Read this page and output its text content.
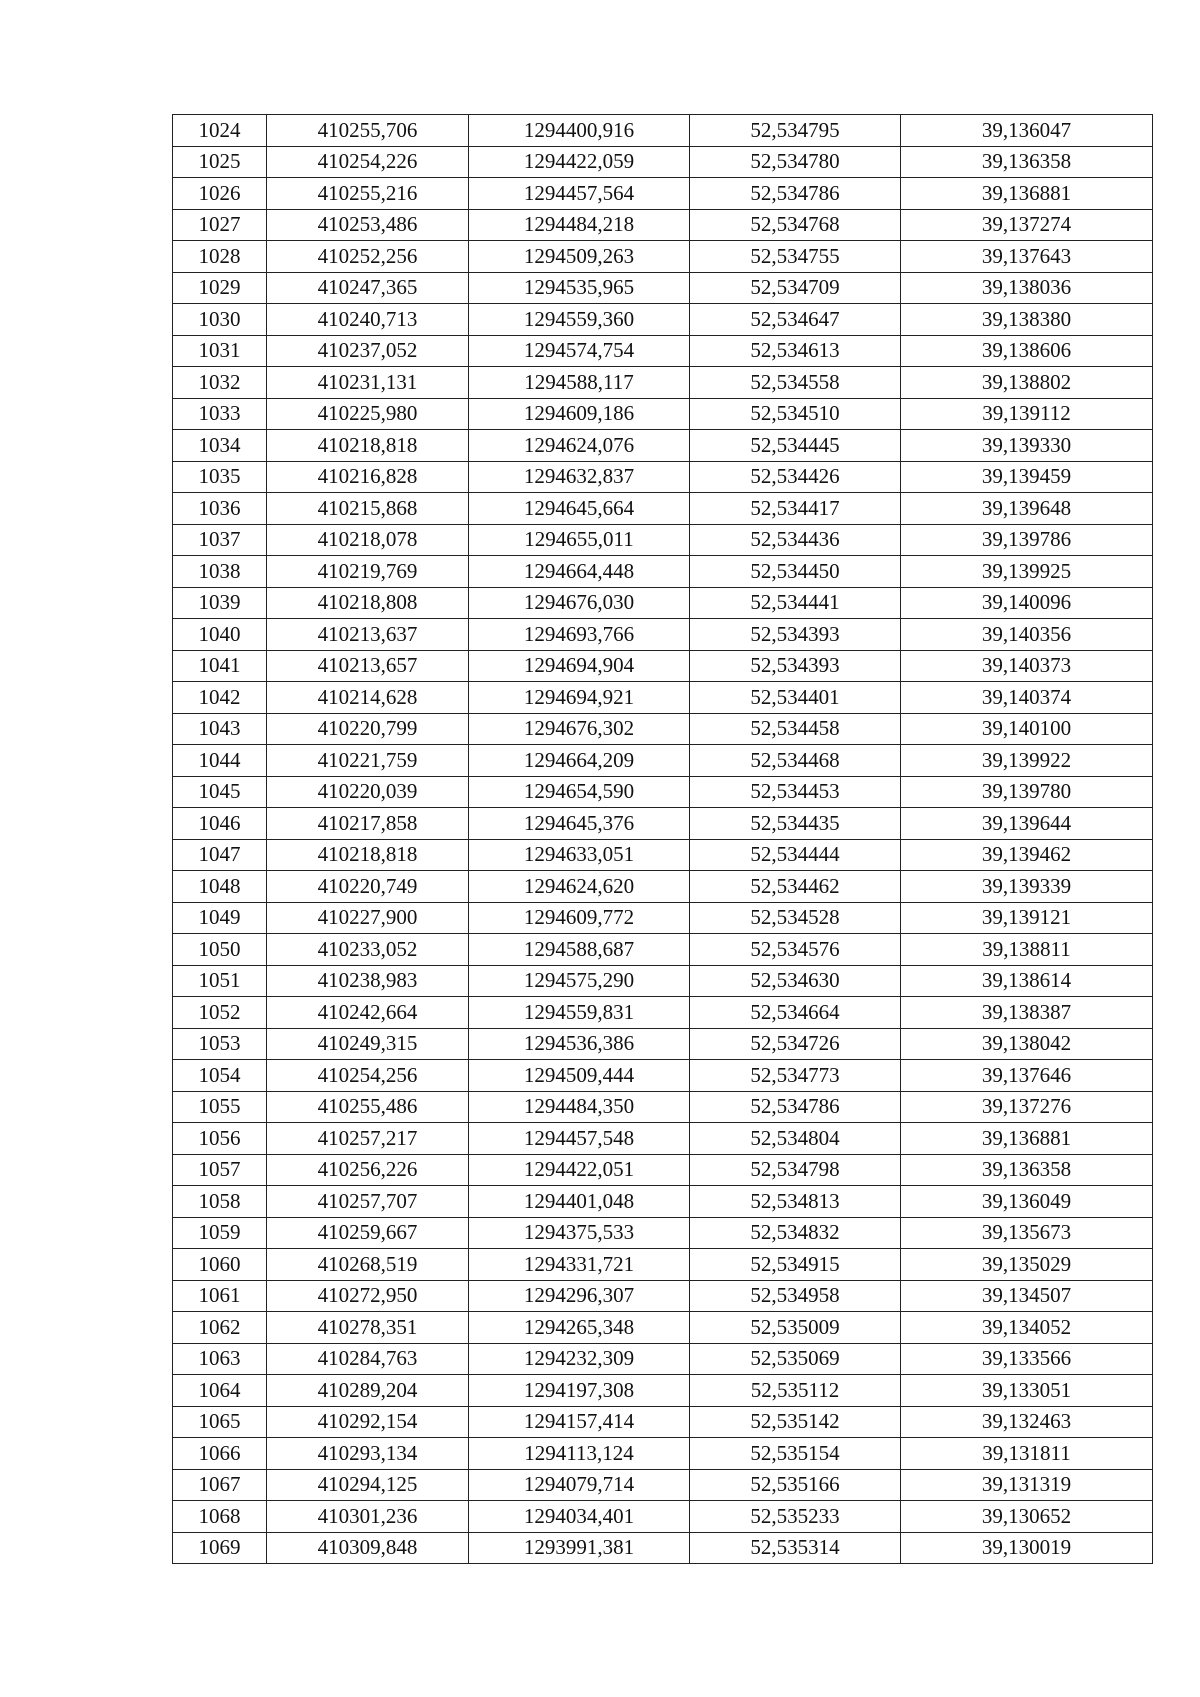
1024	410255,706	1294400,916	52,534795	39,136047
1025	410254,226	1294422,059	52,534780	39,136358
1026	410255,216	1294457,564	52,534786	39,136881
1027	410253,486	1294484,218	52,534768	39,137274
1028	410252,256	1294509,263	52,534755	39,137643
1029	410247,365	1294535,965	52,534709	39,138036
1030	410240,713	1294559,360	52,534647	39,138380
1031	410237,052	1294574,754	52,534613	39,138606
1032	410231,131	1294588,117	52,534558	39,138802
1033	410225,980	1294609,186	52,534510	39,139112
1034	410218,818	1294624,076	52,534445	39,139330
1035	410216,828	1294632,837	52,534426	39,139459
1036	410215,868	1294645,664	52,534417	39,139648
1037	410218,078	1294655,011	52,534436	39,139786
1038	410219,769	1294664,448	52,534450	39,139925
1039	410218,808	1294676,030	52,534441	39,140096
1040	410213,637	1294693,766	52,534393	39,140356
1041	410213,657	1294694,904	52,534393	39,140373
1042	410214,628	1294694,921	52,534401	39,140374
1043	410220,799	1294676,302	52,534458	39,140100
1044	410221,759	1294664,209	52,534468	39,139922
1045	410220,039	1294654,590	52,534453	39,139780
1046	410217,858	1294645,376	52,534435	39,139644
1047	410218,818	1294633,051	52,534444	39,139462
1048	410220,749	1294624,620	52,534462	39,139339
1049	410227,900	1294609,772	52,534528	39,139121
1050	410233,052	1294588,687	52,534576	39,138811
1051	410238,983	1294575,290	52,534630	39,138614
1052	410242,664	1294559,831	52,534664	39,138387
1053	410249,315	1294536,386	52,534726	39,138042
1054	410254,256	1294509,444	52,534773	39,137646
1055	410255,486	1294484,350	52,534786	39,137276
1056	410257,217	1294457,548	52,534804	39,136881
1057	410256,226	1294422,051	52,534798	39,136358
1058	410257,707	1294401,048	52,534813	39,136049
1059	410259,667	1294375,533	52,534832	39,135673
1060	410268,519	1294331,721	52,534915	39,135029
1061	410272,950	1294296,307	52,534958	39,134507
1062	410278,351	1294265,348	52,535009	39,134052
1063	410284,763	1294232,309	52,535069	39,133566
1064	410289,204	1294197,308	52,535112	39,133051
1065	410292,154	1294157,414	52,535142	39,132463
1066	410293,134	1294113,124	52,535154	39,131811
1067	410294,125	1294079,714	52,535166	39,131319
1068	410301,236	1294034,401	52,535233	39,130652
1069	410309,848	1293991,381	52,535314	39,130019
